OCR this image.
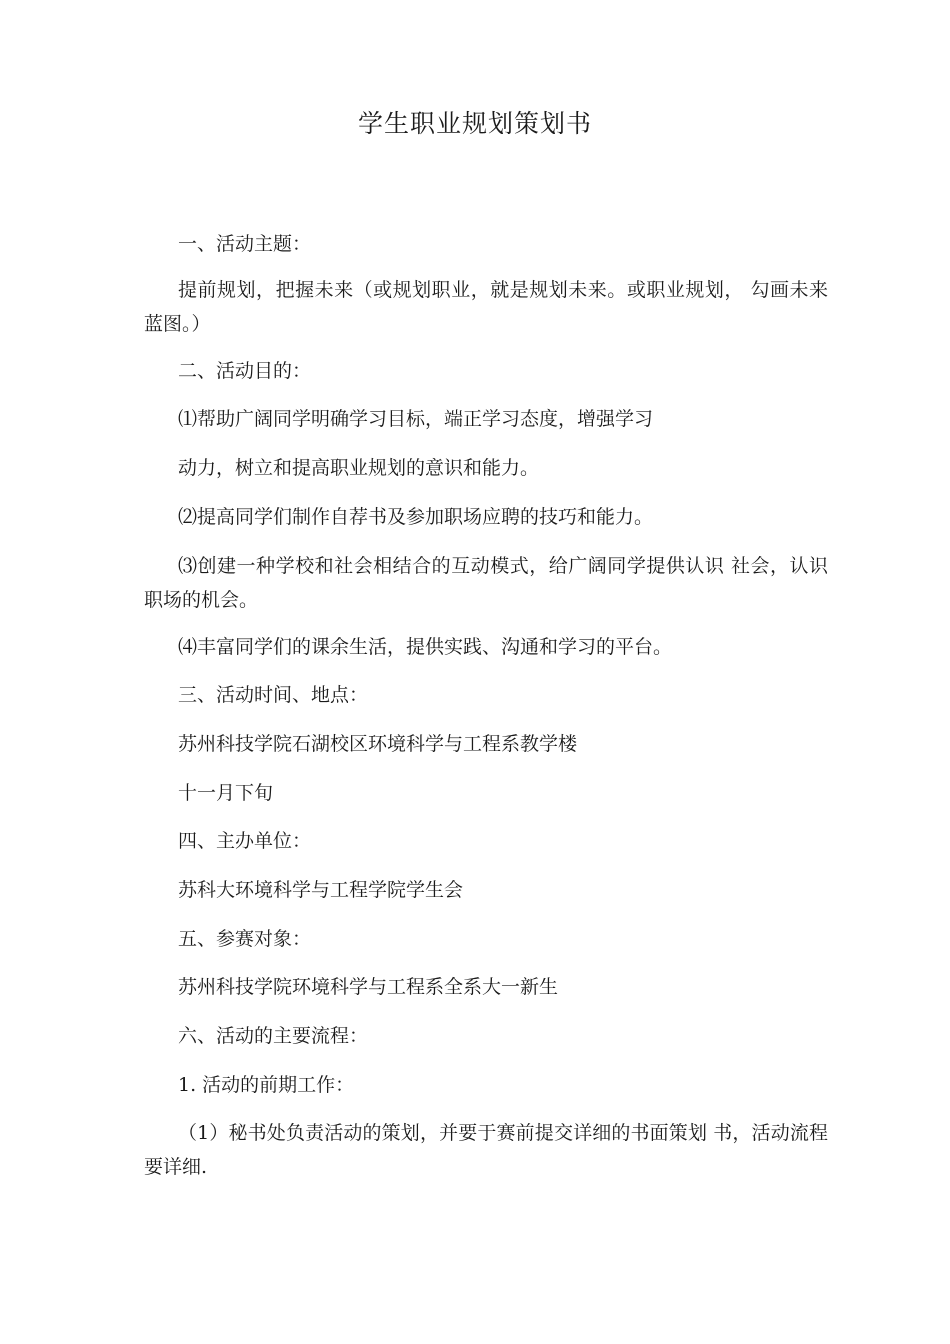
学生职业规划策划书
一、活动主题：
提前规划，把握未来（或规划职业，就是规划未来。或职业规划， 勾画未来蓝图。）
二、活动目的：
⑴帮助广阔同学明确学习目标，端正学习态度，增强学习
动力，树立和提高职业规划的意识和能力。
⑵提高同学们制作自荐书及参加职场应聘的技巧和能力。
⑶创建一种学校和社会相结合的互动模式，给广阔同学提供认识 社会，认识职场的机会。
⑷丰富同学们的课余生活，提供实践、沟通和学习的平台。
三、活动时间、地点：
苏州科技学院石湖校区环境科学与工程系教学楼
十一月下旬
四、主办单位：
苏科大环境科学与工程学院学生会
五、参赛对象：
苏州科技学院环境科学与工程系全系大一新生
六、活动的主要流程：
1. 活动的前期工作：
（1）秘书处负责活动的策划，并要于赛前提交详细的书面策划 书，活动流程要详细.
